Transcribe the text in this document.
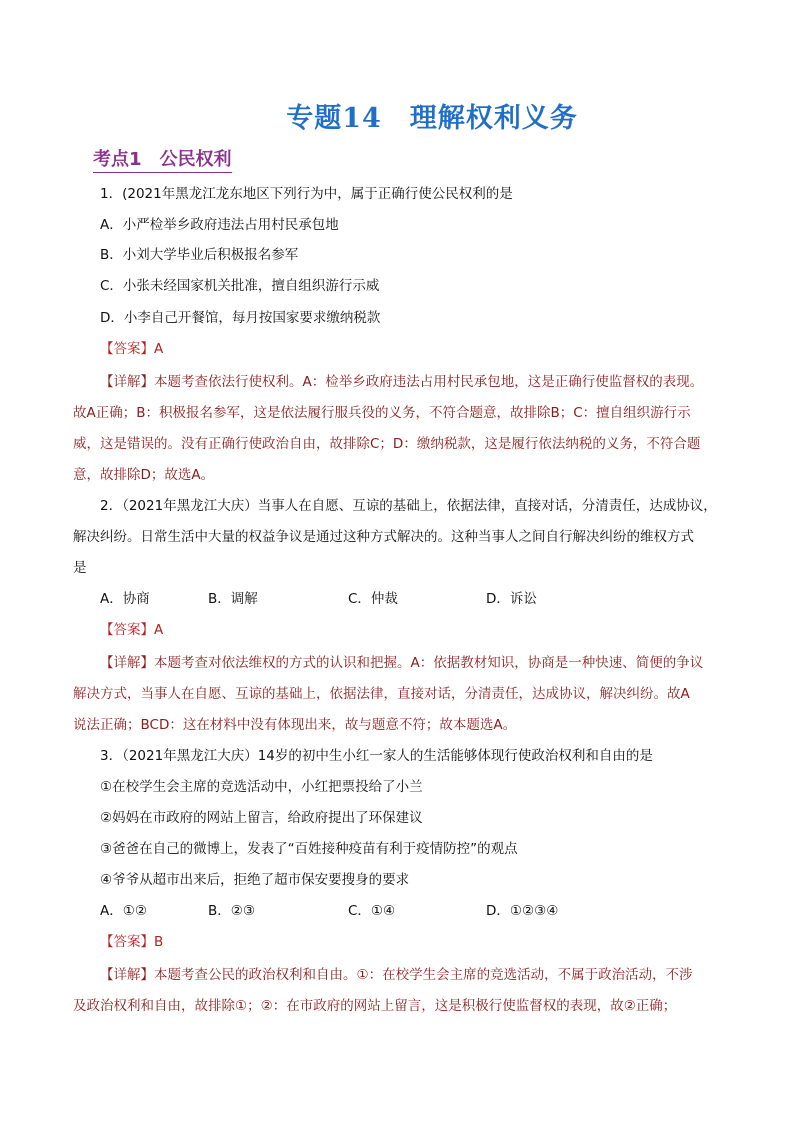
专题14　理解权利义务
考点1　公民权利
1．(2021年黑龙江龙东地区下列行为中，属于正确行使公民权利的是
A．小严检举乡政府违法占用村民承包地
B．小刘大学毕业后积极报名参军
C．小张未经国家机关批准，擅自组织游行示威
D．小李自己开餐馆，每月按国家要求缴纳税款
【答案】A
【详解】本题考查依法行使权利。A：检举乡政府违法占用村民承包地，这是正确行使监督权的表现。
故A正确；B：积极报名参军，这是依法履行服兵役的义务，不符合题意，故排除B；C：擅自组织游行示
威，这是错误的。没有正确行使政治自由，故排除C；D：缴纳税款，这是履行依法纳税的义务，不符合题
意，故排除D；故选A。
2．（2021年黑龙江大庆）当事人在自愿、互谅的基础上，依据法律，直接对话，分清责任，达成协议，
解决纠纷。日常生活中大量的权益争议是通过这种方式解决的。这种当事人之间自行解决纠纷的维权方式
是
A．协商	B．调解	C．仲裁	D．诉讼
【答案】A
【详解】本题考查对依法维权的方式的认识和把握。A：依据教材知识，协商是一种快速、简便的争议
解决方式，当事人在自愿、互谅的基础上，依据法律，直接对话，分清责任，达成协议，解决纠纷。故A
说法正确；BCD：这在材料中没有体现出来，故与题意不符；故本题选A。
3．（2021年黑龙江大庆）14岁的初中生小红一家人的生活能够体现行使政治权利和自由的是
①在校学生会主席的竞选活动中，小红把票投给了小兰
②妈妈在市政府的网站上留言，给政府提出了环保建议
③爸爸在自己的微博上，发表了“百姓接种疫苗有利于疫情防控”的观点
④爷爷从超市出来后，拒绝了超市保安要搜身的要求
A．①②	B．②③	C．①④	D．①②③④
【答案】B
【详解】本题考查公民的政治权利和自由。①：在校学生会主席的竞选活动，不属于政治活动，不涉
及政治权利和自由，故排除①；②：在市政府的网站上留言，这是积极行使监督权的表现，故②正确；
